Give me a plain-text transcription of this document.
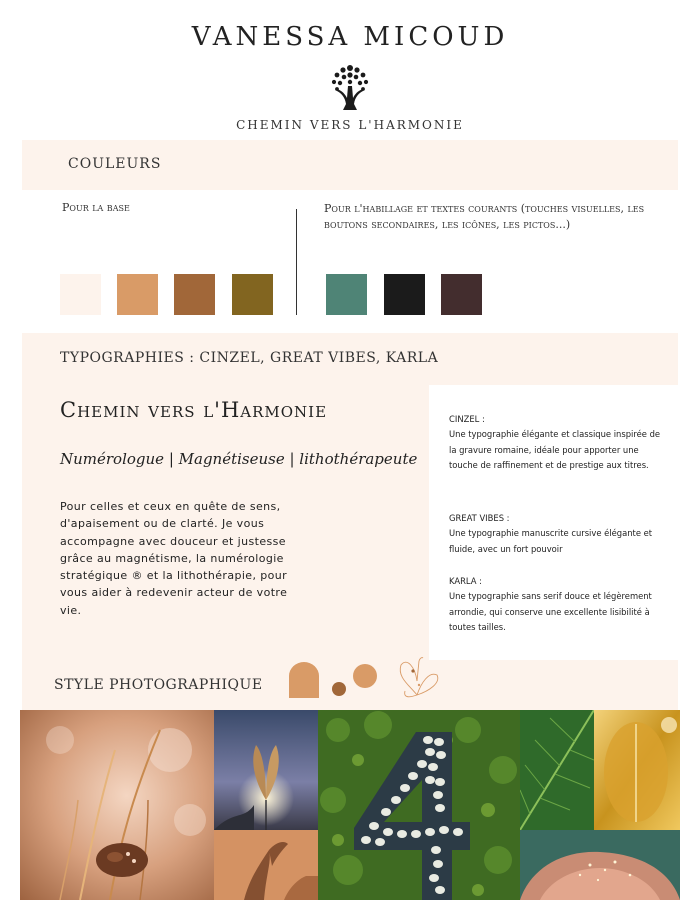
VANESSA MICOUD
CHEMIN VERS L'HARMONIE
COULEURS
Pour la base	Pour l'habillage et textes courants (touches visuelles, les boutons secondaires, les icônes, les pictos...)
TYPOGRAPHIES : CINZEL, GREAT VIBES, KARLA
Chemin vers l'Harmonie
Numérologue | Magnétiseuse | lithothérapeute
Pour celles et ceux en quête de sens, d'apaisement ou de clarté. Je vous accompagne avec douceur et justesse grâce au magnétisme, la numérologie stratégique ® et la lithothérapie, pour vous aider à redevenir acteur de votre vie.
CINZEL :
Une typographie élégante et classique inspirée de la gravure romaine, idéale pour apporter une touche de raffinement et de prestige aux titres.
GREAT VIBES :
Une typographie manuscrite cursive élégante et fluide, avec un fort pouvoir
KARLA :
Une typographie sans serif douce et légèrement arrondie, qui conserve une excellente lisibilité à toutes tailles.
STYLE PHOTOGRAPHIQUE
